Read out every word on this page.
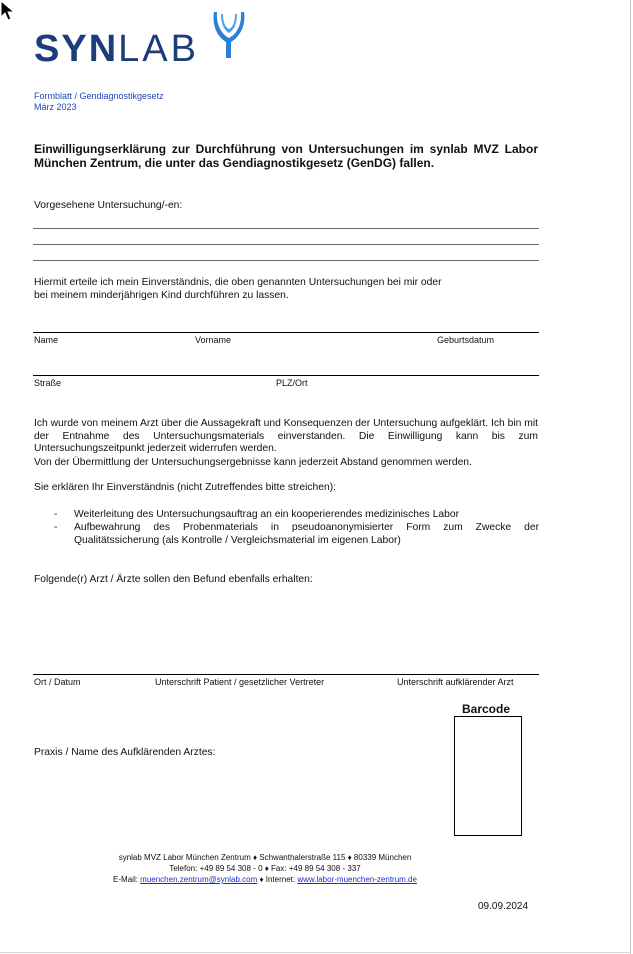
SYNLAB
Formblatt / Gendiagnostikgesetz
März 2023
Einwilligungserklärung zur Durchführung von Untersuchungen im synlab MVZ Labor München Zentrum, die unter das Gendiagnostikgesetz (GenDG) fallen.
Vorgesehene Untersuchung/-en:
Hiermit erteile ich mein Einverständnis, die oben genannten Untersuchungen bei mir oder
bei meinem minderjährigen Kind durchführen zu lassen.
Name	Vorname	Geburtsdatum
Straße	PLZ/Ort
Ich wurde von meinem Arzt über die Aussagekraft und Konsequenzen der Untersuchung aufgeklärt. Ich bin mit der Entnahme des Untersuchungsmaterials einverstanden. Die Einwilligung kann bis zum Untersuchungszeitpunkt jederzeit widerrufen werden.
Von der Übermittlung der Untersuchungsergebnisse kann jederzeit Abstand genommen werden.
Sie erklären Ihr Einverständnis (nicht Zutreffendes bitte streichen):
- Weiterleitung des Untersuchungsauftrag an ein kooperierendes medizinisches Labor
- Aufbewahrung des Probenmaterials in pseudoanonymisierter Form zum Zwecke der Qualitätssicherung (als Kontrolle / Vergleichsmaterial im eigenen Labor)
Folgende(r) Arzt / Ärzte sollen den Befund ebenfalls erhalten:
Ort / Datum	Unterschrift Patient / gesetzlicher Vertreter	Unterschrift aufklärender Arzt
Barcode
Praxis / Name des Aufklärenden Arztes:
synlab MVZ Labor München Zentrum ♦ Schwanthalerstraße 115 ♦ 80339 München
Telefon: +49 89 54 308 - 0 ♦ Fax: +49 89 54 308 - 337
E-Mail: muenchen.zentrum@synlab.com ♦ Internet: www.labor-muenchen-zentrum.de
09.09.2024
